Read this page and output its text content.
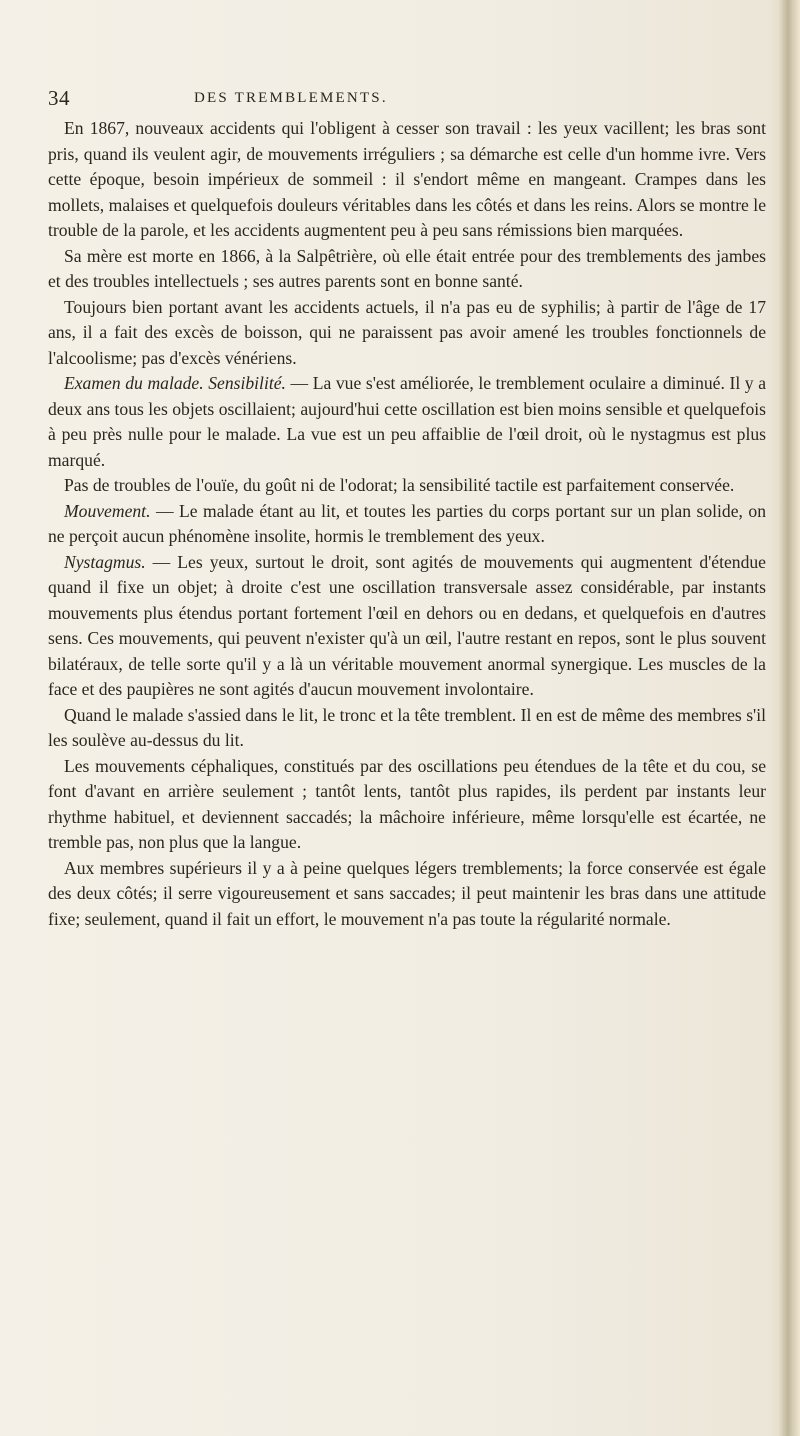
34	DES TREMBLEMENTS.

En 1867, nouveaux accidents qui l'obligent à cesser son travail : les yeux vacillent; les bras sont pris, quand ils veulent agir, de mouvements irréguliers ; sa démarche est celle d'un homme ivre. Vers cette époque, besoin impérieux de sommeil : il s'endort même en mangeant. Crampes dans les mollets, malaises et quelquefois douleurs véritables dans les côtés et dans les reins. Alors se montre le trouble de la parole, et les accidents augmentent peu à peu sans rémissions bien marquées.

Sa mère est morte en 1866, à la Salpêtrière, où elle était entrée pour des tremblements des jambes et des troubles intellectuels ; ses autres parents sont en bonne santé.

Toujours bien portant avant les accidents actuels, il n'a pas eu de syphilis; à partir de l'âge de 17 ans, il a fait des excès de boisson, qui ne paraissent pas avoir amené les troubles fonctionnels de l'alcoolisme; pas d'excès vénériens.

Examen du malade. Sensibilité. — La vue s'est améliorée, le tremblement oculaire a diminué. Il y a deux ans tous les objets oscillaient; aujourd'hui cette oscillation est bien moins sensible et quelquefois à peu près nulle pour le malade. La vue est un peu affaiblie de l'œil droit, où le nystagmus est plus marqué.

Pas de troubles de l'ouïe, du goût ni de l'odorat; la sensibilité tactile est parfaitement conservée.

Mouvement. — Le malade étant au lit, et toutes les parties du corps portant sur un plan solide, on ne perçoit aucun phénomène insolite, hormis le tremblement des yeux.

Nystagmus. — Les yeux, surtout le droit, sont agités de mouvements qui augmentent d'étendue quand il fixe un objet; à droite c'est une oscillation transversale assez considérable, par instants mouvements plus étendus portant fortement l'œil en dehors ou en dedans, et quelquefois en d'autres sens. Ces mouvements, qui peuvent n'exister qu'à un œil, l'autre restant en repos, sont le plus souvent bilatéraux, de telle sorte qu'il y a là un véritable mouvement anormal synergique. Les muscles de la face et des paupières ne sont agités d'aucun mouvement involontaire.

Quand le malade s'assied dans le lit, le tronc et la tête tremblent. Il en est de même des membres s'il les soulève au-dessus du lit.

Les mouvements céphaliques, constitués par des oscillations peu étendues de la tête et du cou, se font d'avant en arrière seulement ; tantôt lents, tantôt plus rapides, ils perdent par instants leur rhythme habituel, et deviennent saccadés; la mâchoire inférieure, même lorsqu'elle est écartée, ne tremble pas, non plus que la langue.

Aux membres supérieurs il y a à peine quelques légers tremblements; la force conservée est égale des deux côtés; il serre vigoureusement et sans saccades; il peut maintenir les bras dans une attitude fixe; seulement, quand il fait un effort, le mouvement n'a pas toute la régularité normale.
